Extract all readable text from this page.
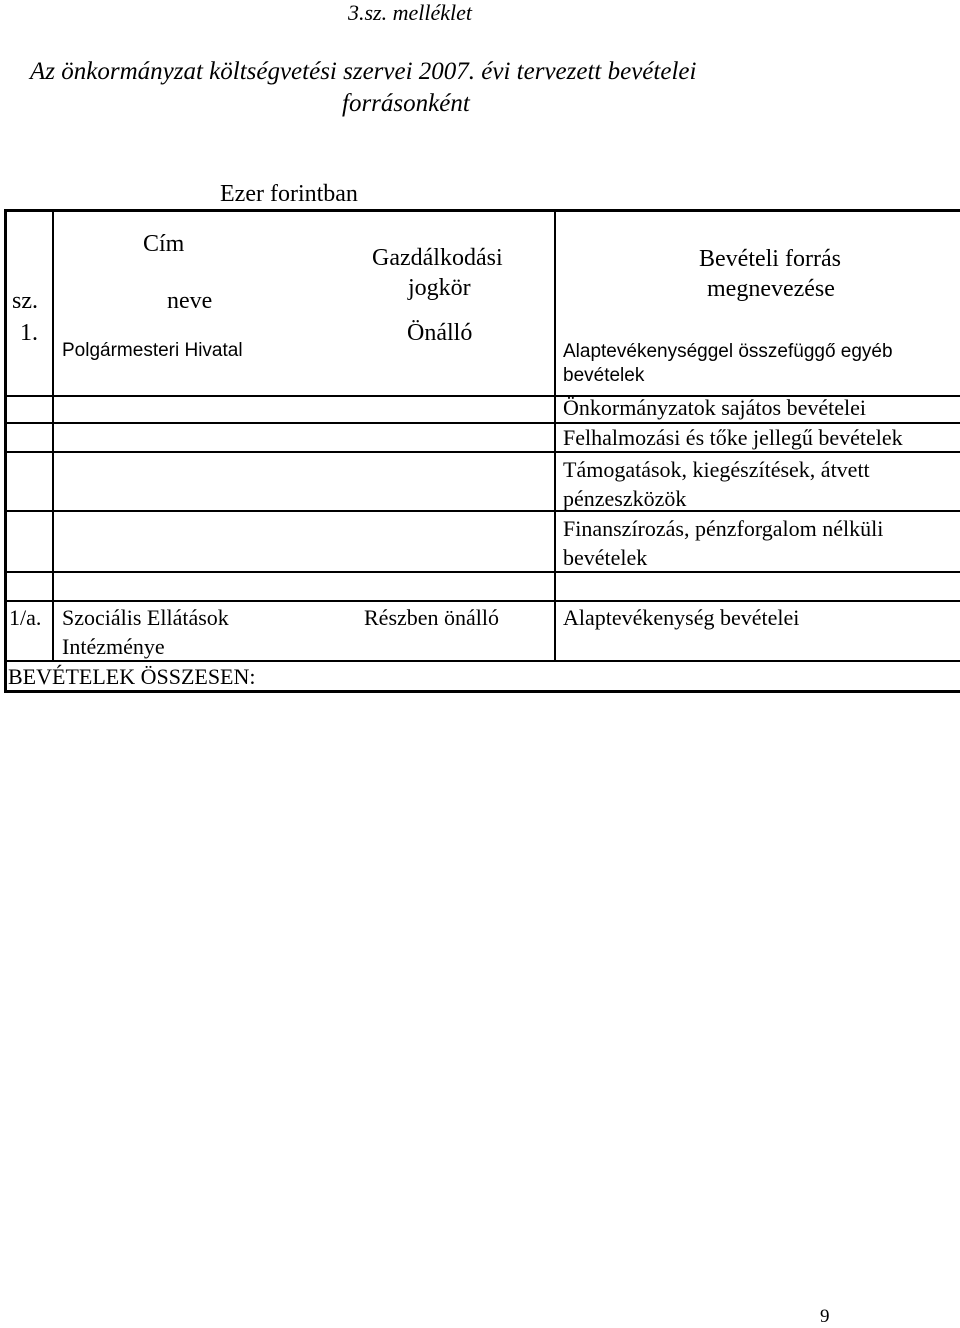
3.sz. melléklet
Az önkormányzat költségvetési szervei 2007. évi tervezett bevételei
forrásonként
Ezer forintban
Cím
sz.	neve
Gazdálkodási
jogkör
Bevételi forrás
megnevezése
1.
Polgármesteri Hivatal
Önálló
Alaptevékenységgel összefüggő egyéb bevételek
Önkormányzatok sajátos bevételei
Felhalmozási és tőke jellegű bevételek
Támogatások, kiegészítések, átvett pénzeszközök
Finanszírozás, pénzforgalom nélküli bevételek
1/a. Szociális Ellátások
Intézménye
Részben önálló	Alaptevékenység bevételei
BEVÉTELEK ÖSSZESEN:
9
